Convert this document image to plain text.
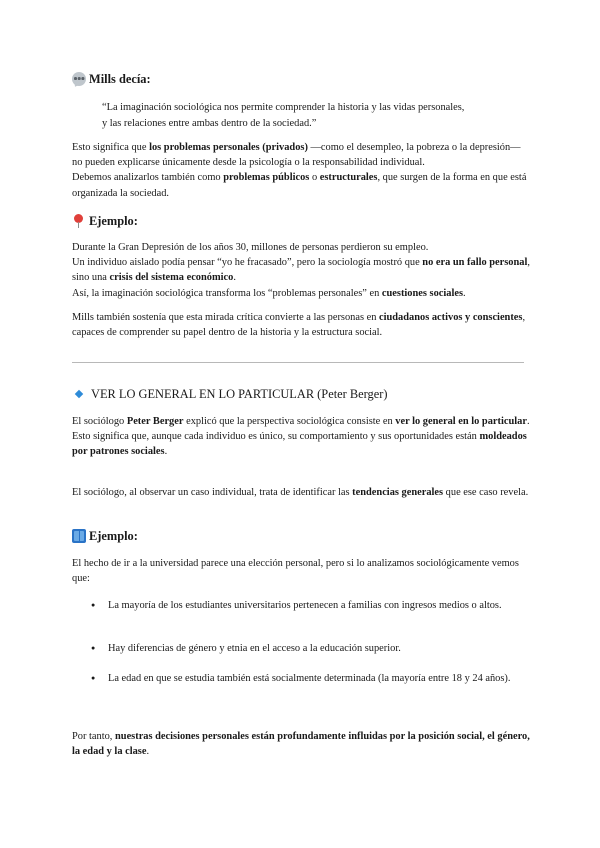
Mills decía:
“La imaginación sociológica nos permite comprender la historia y las vidas personales,
y las relaciones entre ambas dentro de la sociedad.”

Esto significa que los problemas personales (privados) —como el desempleo, la pobreza o la depresión— no pueden explicarse únicamente desde la psicología o la responsabilidad individual.

Debemos analizarlos también como problemas públicos o estructurales, que surgen de la forma en que está organizada la sociedad.

Ejemplo:

Durante la Gran Depresión de los años 30, millones de personas perdieron su empleo.

Un individuo aislado podía pensar “yo he fracasado”, pero la sociología mostró que no era un fallo personal, sino una crisis del sistema económico.

Así, la imaginación sociológica transforma los “problemas personales” en cuestiones sociales.

Mills también sostenía que esta mirada crítica convierte a las personas en ciudadanos activos y conscientes, capaces de comprender su papel dentro de la historia y la estructura social.

VER LO GENERAL EN LO PARTICULAR (Peter Berger)

El sociólogo Peter Berger explicó que la perspectiva sociológica consiste en ver lo general en lo particular.

Esto significa que, aunque cada individuo es único, su comportamiento y sus oportunidades están moldeados por patrones sociales.

El sociólogo, al observar un caso individual, trata de identificar las tendencias generales que ese caso revela.

Ejemplo:

El hecho de ir a la universidad parece una elección personal, pero si lo analizamos sociológicamente vemos que:

●
La mayoría de los estudiantes universitarios pertenecen a familias con ingresos medios o altos.
●
Hay diferencias de género y etnia en el acceso a la educación superior.
●
La edad en que se estudia también está socialmente determinada (la mayoría entre 18 y 24 años).

Por tanto, nuestras decisiones personales están profundamente influidas por la posición social, el género, la edad y la clase.
